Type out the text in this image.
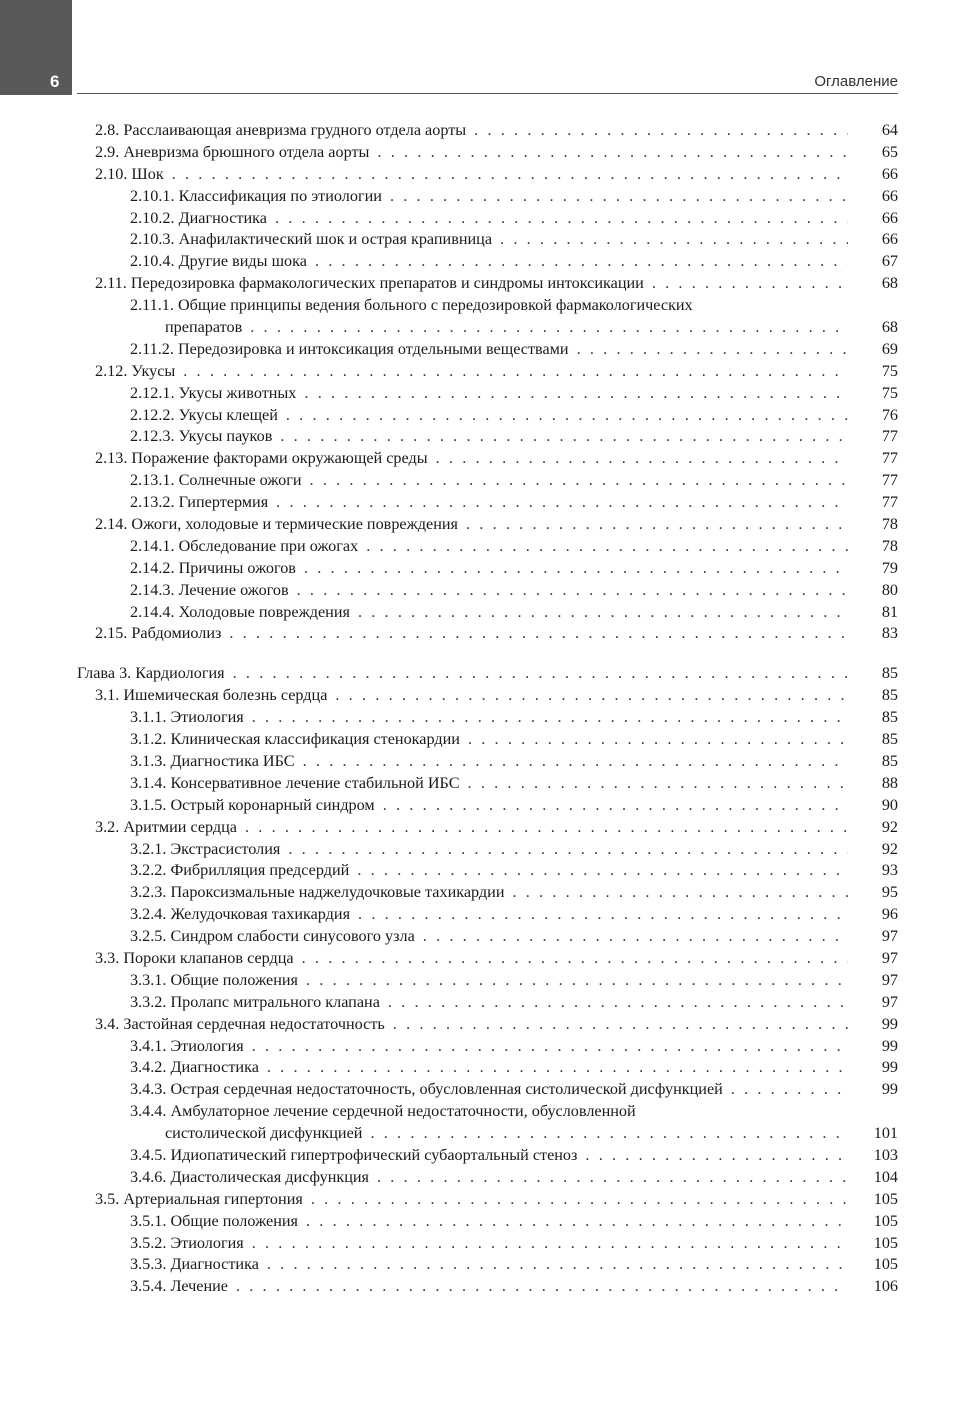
6	Оглавление
2.8. Расслаивающая аневризма грудного отдела аорты . . .	64
2.9. Аневризма брюшного отдела аорты . . .	65
2.10. Шок . . .	66
2.10.1. Классификация по этиологии . . .	66
2.10.2. Диагностика . . .	66
2.10.3. Анафилактический шок и острая крапивница . . .	66
2.10.4. Другие виды шока . . .	67
2.11. Передозировка фармакологических препаратов и синдромы интоксикации . . .	68
2.11.1. Общие принципы ведения больного с передозировкой фармакологических
препаратов . . .	68
2.11.2. Передозировка и интоксикация отдельными веществами . . .	69
2.12. Укусы . . .	75
2.12.1. Укусы животных . . .	75
2.12.2. Укусы клещей . . .	76
2.12.3. Укусы пауков . . .	77
2.13. Поражение факторами окружающей среды . . .	77
2.13.1. Солнечные ожоги . . .	77
2.13.2. Гипертермия . . .	77
2.14. Ожоги, холодовые и термические повреждения . . .	78
2.14.1. Обследование при ожогах . . .	78
2.14.2. Причины ожогов . . .	79
2.14.3. Лечение ожогов . . .	80
2.14.4. Холодовые повреждения . . .	81
2.15. Рабдомиолиз . . .	83
Глава 3. Кардиология . . .	85
3.1. Ишемическая болезнь сердца . . .	85
3.1.1. Этиология . . .	85
3.1.2. Клиническая классификация стенокардии . . .	85
3.1.3. Диагностика ИБС . . .	85
3.1.4. Консервативное лечение стабильной ИБС . . .	88
3.1.5. Острый коронарный синдром . . .	90
3.2. Аритмии сердца . . .	92
3.2.1. Экстрасистолия . . .	92
3.2.2. Фибрилляция предсердий . . .	93
3.2.3. Пароксизмальные наджелудочковые тахикардии . . .	95
3.2.4. Желудочковая тахикардия . . .	96
3.2.5. Синдром слабости синусового узла . . .	97
3.3. Пороки клапанов сердца . . .	97
3.3.1. Общие положения . . .	97
3.3.2. Пролапс митрального клапана . . .	97
3.4. Застойная сердечная недостаточность . . .	99
3.4.1. Этиология . . .	99
3.4.2. Диагностика . . .	99
3.4.3. Острая сердечная недостаточность, обусловленная систолической дисфункцией . . .	99
3.4.4. Амбулаторное лечение сердечной недостаточности, обусловленной
систолической дисфункцией . . .	101
3.4.5. Идиопатический гипертрофический субаортальный стеноз . . .	103
3.4.6. Диастолическая дисфункция . . .	104
3.5. Артериальная гипертония . . .	105
3.5.1. Общие положения . . .	105
3.5.2. Этиология . . .	105
3.5.3. Диагностика . . .	105
3.5.4. Лечение . . .	106
